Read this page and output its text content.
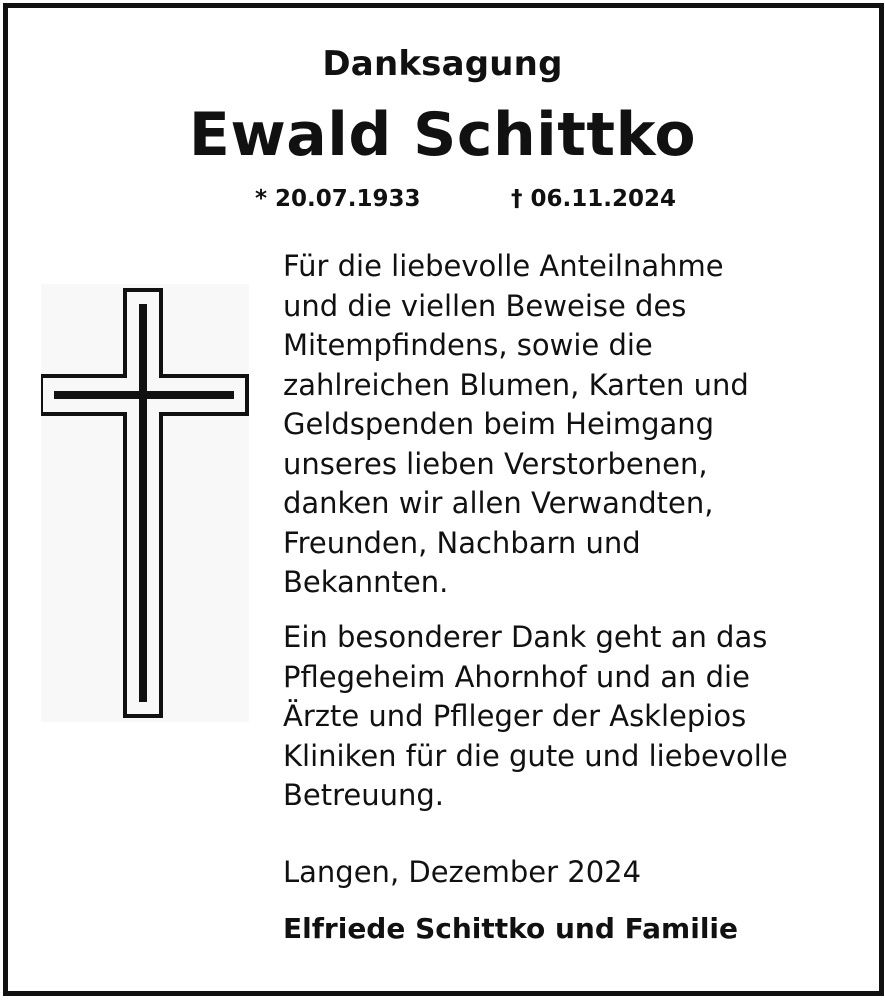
Danksagung
Ewald Schittko
* 20.07.1933	† 06.11.2024
Für die liebevolle Anteilnahme
und die viellen Beweise des
Mitempfindens, sowie die
zahlreichen Blumen, Karten und
Geldspenden beim Heimgang
unseres lieben Verstorbenen,
danken wir allen Verwandten,
Freunden, Nachbarn und
Bekannten.
Ein besonderer Dank geht an das
Pflegeheim Ahornhof und an die
Ärzte und Pflleger der Asklepios
Kliniken für die gute und liebevolle
Betreuung.
Langen, Dezember 2024
Elfriede Schittko und Familie
